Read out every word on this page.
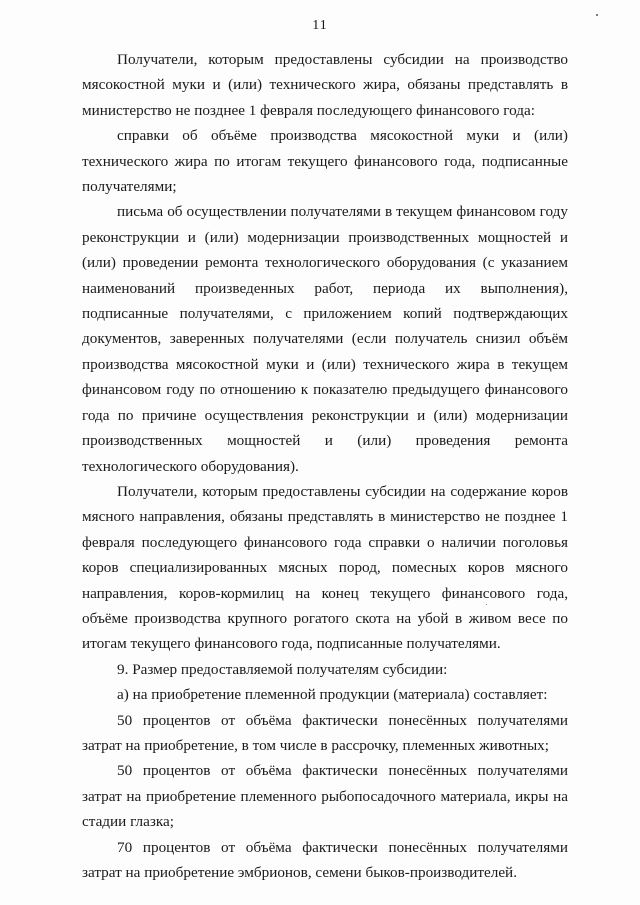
11

Получатели, которым предоставлены субсидии на производство мясокостной муки и (или) технического жира, обязаны представлять в министерство не позднее 1 февраля последующего финансового года:

справки об объёме производства мясокостной муки и (или) технического жира по итогам текущего финансового года, подписанные получателями;

письма об осуществлении получателями в текущем финансовом году реконструкции и (или) модернизации производственных мощностей и (или) проведении ремонта технологического оборудования (с указанием наименований произведенных работ, периода их выполнения), подписанные получателями, с приложением копий подтверждающих документов, заверенных получателями (если получатель снизил объём производства мясокостной муки и (или) технического жира в текущем финансовом году по отношению к показателю предыдущего финансового года по причине осуществления реконструкции и (или) модернизации производственных мощностей и (или) проведения ремонта технологического оборудования).

Получатели, которым предоставлены субсидии на содержание коров мясного направления, обязаны представлять в министерство не позднее 1 февраля последующего финансового года справки о наличии поголовья коров специализированных мясных пород, помесных коров мясного направления, коров-кормилиц на конец текущего финансового года, объёме производства крупного рогатого скота на убой в живом весе по итогам текущего финансового года, подписанные получателями.

9. Размер предоставляемой получателям субсидии:

а) на приобретение племенной продукции (материала) составляет:

50 процентов от объёма фактически понесённых получателями затрат на приобретение, в том числе в рассрочку, племенных животных;

50 процентов от объёма фактически понесённых получателями затрат на приобретение племенного рыбопосадочного материала, икры на стадии глазка;

70 процентов от объёма фактически понесённых получателями затрат на приобретение эмбрионов, семени быков-производителей.
